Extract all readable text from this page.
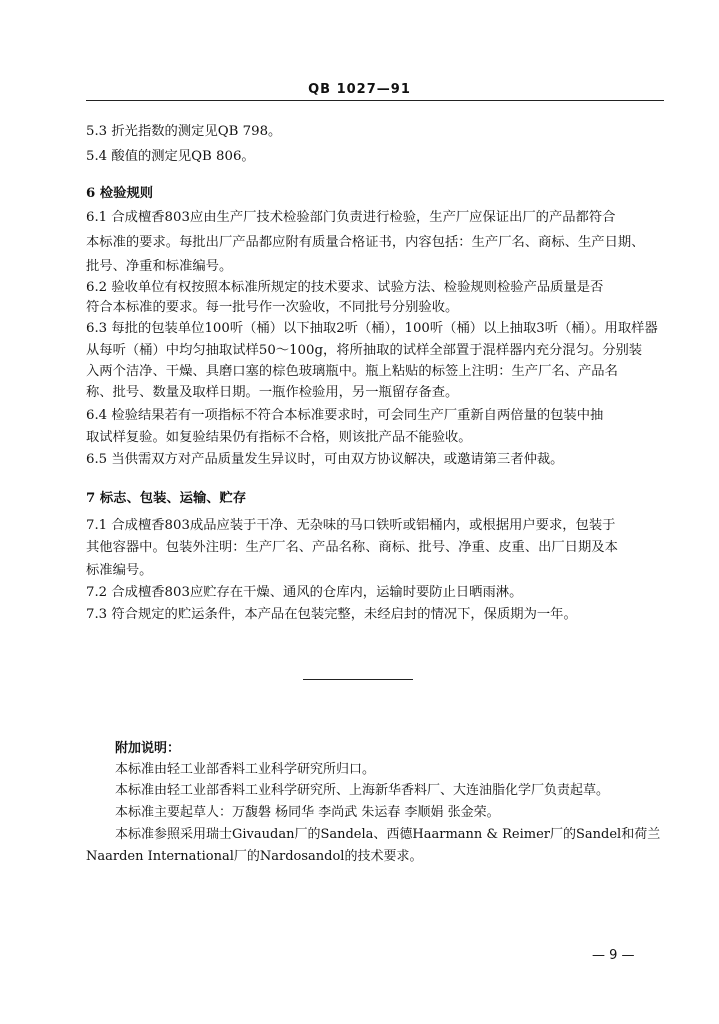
QB 1027—91
5.3 折光指数的测定见QB 798。
5.4 酸值的测定见QB 806。
6 检验规则
6.1 合成檀香803应由生产厂技术检验部门负责进行检验，生产厂应保证出厂的产品都符合
本标准的要求。每批出厂产品都应附有质量合格证书，内容包括：生产厂名、商标、生产日期、
批号、净重和标准编号。
6.2 验收单位有权按照本标准所规定的技术要求、试验方法、检验规则检验产品质量是否
符合本标准的要求。每一批号作一次验收，不同批号分别验收。
6.3 每批的包装单位100听（桶）以下抽取2听（桶），100听（桶）以上抽取3听（桶）。用取样器
从每听（桶）中均匀抽取试样50～100g，将所抽取的试样全部置于混样器内充分混匀。分别装
入两个洁净、干燥、具磨口塞的棕色玻璃瓶中。瓶上粘贴的标签上注明：生产厂名、产品名
称、批号、数量及取样日期。一瓶作检验用，另一瓶留存备查。
6.4 检验结果若有一项指标不符合本标准要求时，可会同生产厂重新自两倍量的包装中抽
取试样复验。如复验结果仍有指标不合格，则该批产品不能验收。
6.5 当供需双方对产品质量发生异议时，可由双方协议解决，或邀请第三者仲裁。
7 标志、包装、运输、贮存
7.1 合成檀香803成品应装于干净、无杂味的马口铁听或铝桶内，或根据用户要求，包装于
其他容器中。包装外注明：生产厂名、产品名称、商标、批号、净重、皮重、出厂日期及本
标准编号。
7.2 合成檀香803应贮存在干燥、通风的仓库内，运输时要防止日晒雨淋。
7.3 符合规定的贮运条件，本产品在包装完整，未经启封的情况下，保质期为一年。
附加说明：
本标准由轻工业部香料工业科学研究所归口。
本标准由轻工业部香料工业科学研究所、上海新华香料厂、大连油脂化学厂负责起草。
本标准主要起草人：万馥磐 杨同华 李尚武 朱运春 李顺娟 张金荣。
本标准参照采用瑞士Givaudan厂的Sandela、西德Haarmann & Reimer厂的Sandel和荷兰
Naarden International厂的Nardosandol的技术要求。
— 9 —
